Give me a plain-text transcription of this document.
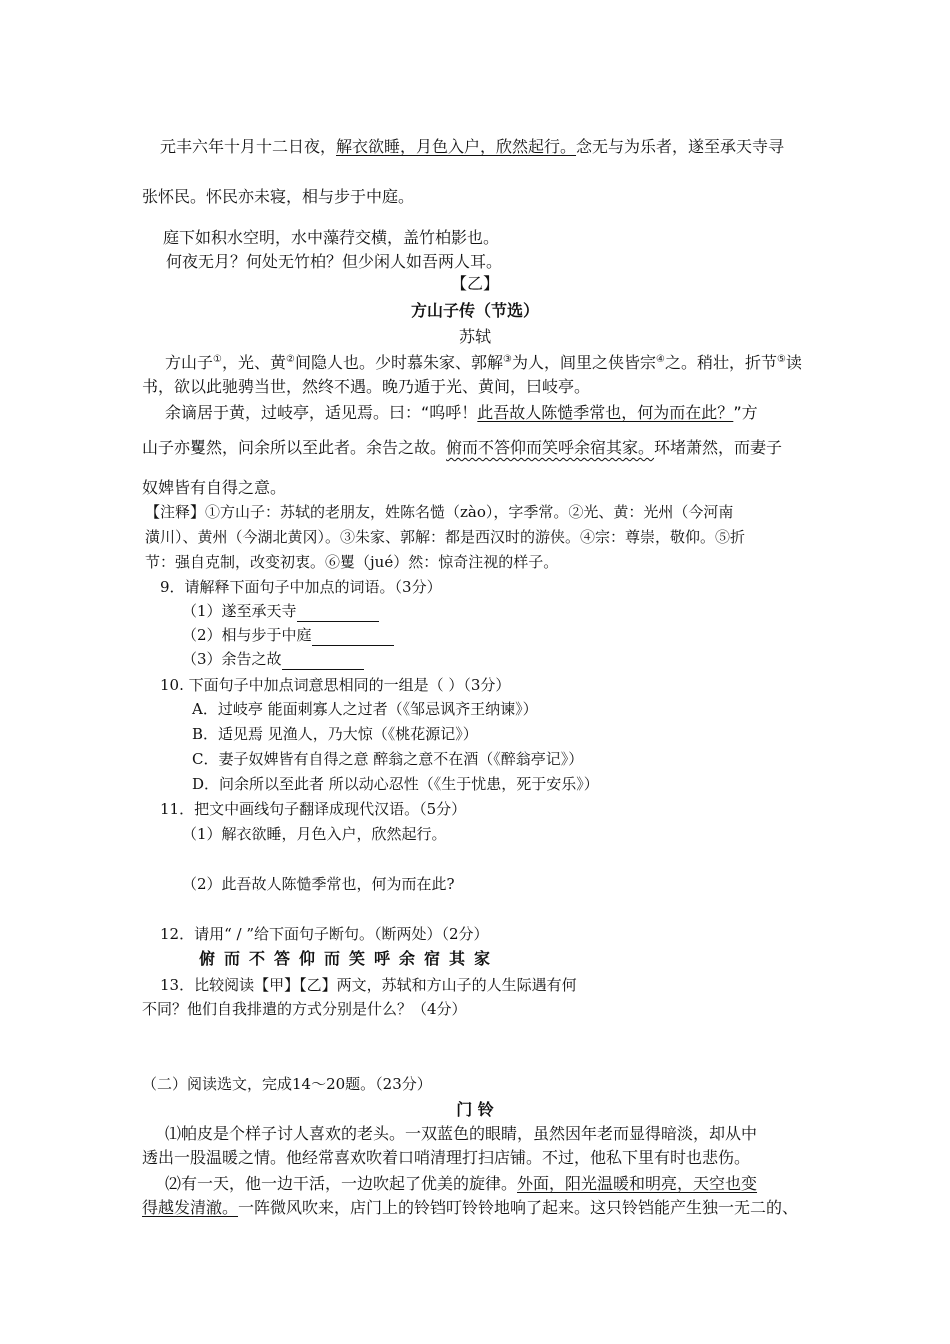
元丰六年十月十二日夜，解衣欲睡，月色入户，欣然起行。念无与为乐者，遂至承天寺寻
张怀民。怀民亦未寝，相与步于中庭。
庭下如积水空明，水中藻荇交横，盖竹柏影也。
何夜无月？何处无竹柏？但少闲人如吾两人耳。
【乙】
方山子传（节选）
苏轼
方山子①，光、黄②间隐人也。少时慕朱家、郭解③为人，闾里之侠皆宗④之。稍壮，折节⑤读
书，欲以此驰骋当世，然终不遇。晚乃遁于光、黄间，曰岐亭。
余谪居于黄，过岐亭，适见焉。曰：“呜呼！此吾故人陈慥季常也，何为而在此？”方
山子亦矍然，问余所以至此者。余告之故。俯而不答仰而笑呼余宿其家。环堵萧然，而妻子
奴婢皆有自得之意。
【注释】①方山子：苏轼的老朋友，姓陈名慥（zào），字季常。②光、黄：光州（今河南
潢川）、黄州（今湖北黄冈）。③朱家、郭解：都是西汉时的游侠。④宗：尊崇，敬仰。⑤折
节：强自克制，改变初衷。⑥矍（jué）然：惊奇注视的样子。
9．请解释下面句子中加点的词语。（3分）
（1）遂至承天寺
（2）相与步于中庭
（3）余告之故
10. 下面句子中加点词意思相同的一组是（ ）（3分）
A．过岐亭 能面刺寡人之过者（《邹忌讽齐王纳谏》）
B．适见焉 见渔人，乃大惊（《桃花源记》）
C．妻子奴婢皆有自得之意 醉翁之意不在酒（《醉翁亭记》）
D．问余所以至此者 所以动心忍性（《生于忧患，死于安乐》）
11．把文中画线句子翻译成现代汉语。（5分）
（1）解衣欲睡，月色入户，欣然起行。
（2）此吾故人陈慥季常也，何为而在此?
12．请用“ / ”给下面句子断句。（断两处）（2分）
俯而不答仰而笑呼余宿其家
13．比较阅读【甲】【乙】两文，苏轼和方山子的人生际遇有何
不同？他们自我排遣的方式分别是什么？（4分）
（二）阅读选文，完成14～20题。（23分）
门 铃
⑴帕皮是个样子讨人喜欢的老头。一双蓝色的眼睛，虽然因年老而显得暗淡，却从中
透出一股温暖之情。他经常喜欢吹着口哨清理打扫店铺。不过，他私下里有时也悲伤。
⑵有一天，他一边干活，一边吹起了优美的旋律。外面，阳光温暖和明亮，天空也变
得越发清澈。一阵微风吹来，店门上的铃铛叮铃铃地响了起来。这只铃铛能产生独一无二的、
